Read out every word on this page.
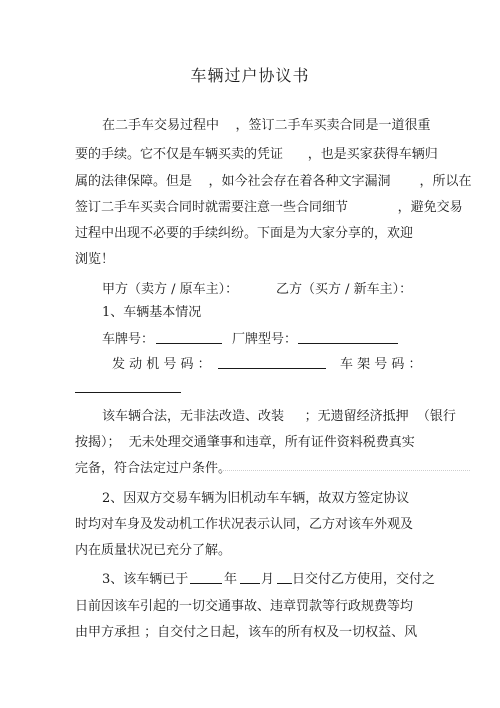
车辆过户协议书
在二手车交易过程中    ，签订二手车买卖合同是一道很重
要的手续。它不仅是车辆买卖的凭证      ，也是买家获得车辆归
属的法律保障。但是    ，如今社会存在着各种文字漏洞       ，所以在
签订二手车买卖合同时就需要注意一些合同细节            ，避免交易
过程中出现不必要的手续纠纷。下面是为大家分享的，欢迎
浏览！
甲方（卖方 / 原车主）：	乙方（买方 / 新车主）：
1、车辆基本情况
车牌号：	厂牌型号：
发 动 机 号 码 ：	车 架 号 码 ：
该车辆合法，无非法改造、改装     ；无遗留经济抵押  （银行
按揭）；  无未处理交通肇事和违章，所有证件资料税费真实
完备，符合法定过户条件。
2、因双方交易车辆为旧机动车车辆，故双方签定协议
时均对车身及发动机工作状况表示认同，乙方对该车外观及
内在质量状况已充分了解。
3、该车辆已于	年 月 日交付乙方使用，交付之
日前因该车引起的一切交通事故、违章罚款等行政规费等均
由甲方承担 ；自交付之日起，该车的所有权及一切权益、风
